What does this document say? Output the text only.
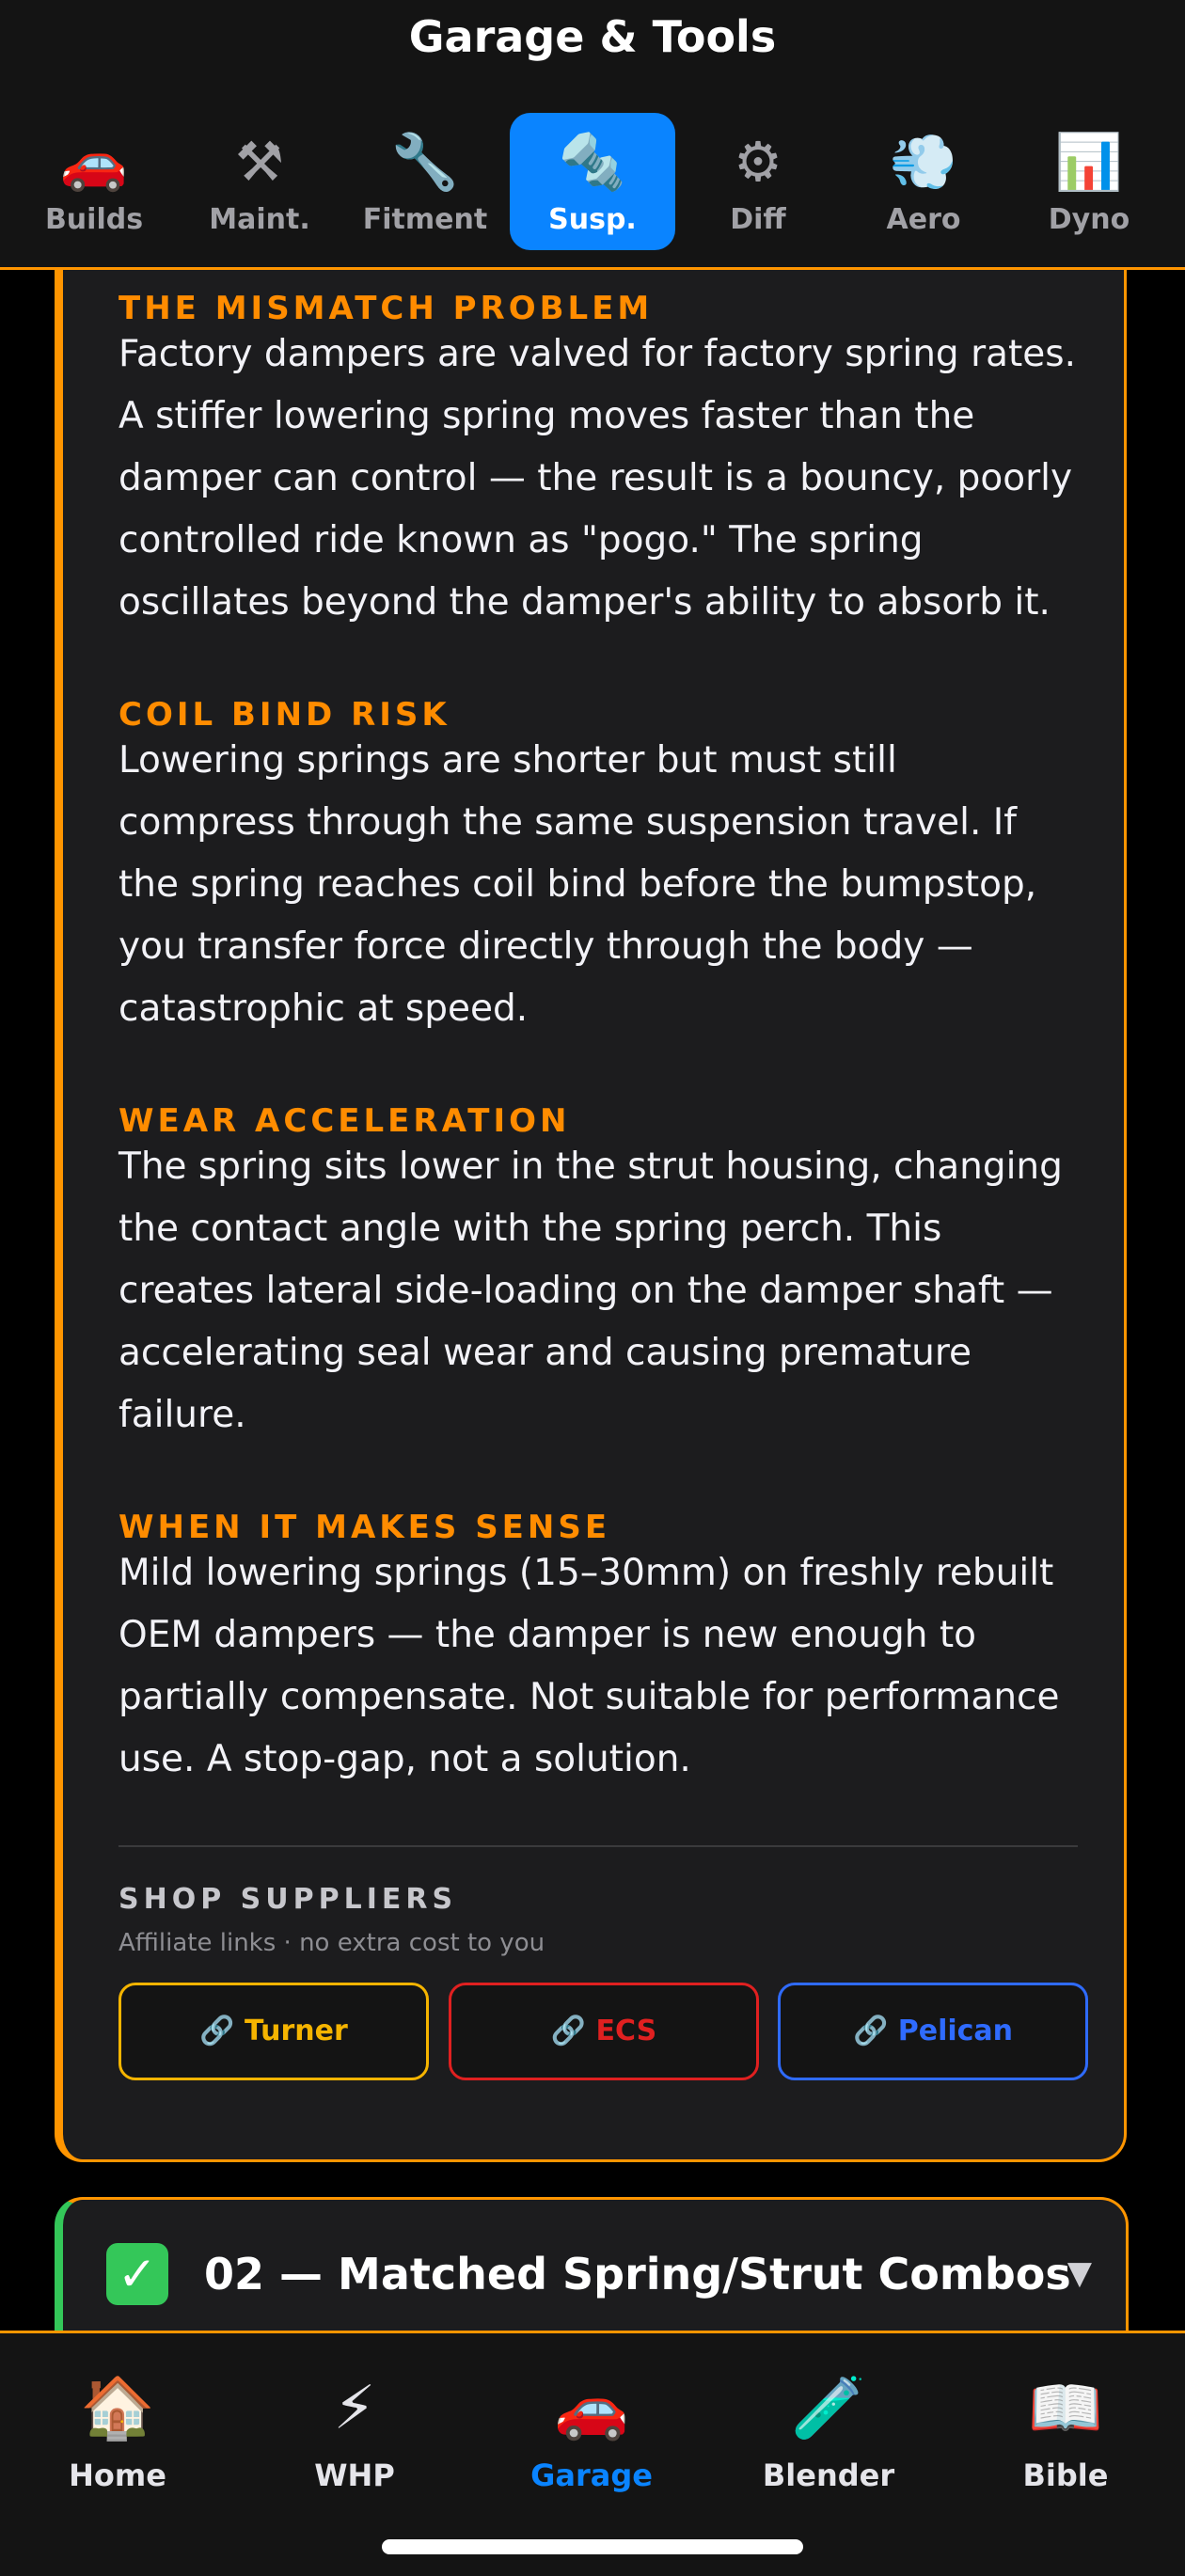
Garage & Tools
🚗
Builds
⚒
Maint.
🔧
Fitment
🔩
Susp.
⚙
Diff
💨
Aero
📊
Dyno
THE MISMATCH PROBLEM
Factory dampers are valved for factory spring rates. A stiffer lowering spring moves faster than the damper can control — the result is a bouncy, poorly controlled ride known as "pogo." The spring oscillates beyond the damper's ability to absorb it.
COIL BIND RISK
Lowering springs are shorter but must still compress through the same suspension travel. If the spring reaches coil bind before the bumpstop, you transfer force directly through the body — catastrophic at speed.
WEAR ACCELERATION
The spring sits lower in the strut housing, changing the contact angle with the spring perch. This creates lateral side-loading on the damper shaft — accelerating seal wear and causing premature failure.
WHEN IT MAKES SENSE
Mild lowering springs (15–30mm) on freshly rebuilt OEM dampers — the damper is new enough to partially compensate. Not suitable for performance use. A stop-gap, not a solution.
SHOP SUPPLIERS
Affiliate links · no extra cost to you
🔗 Turner	🔗 ECS	🔗 Pelican
✓ 02 — Matched Spring/Strut Combos
▼
🏠
Home
⚡
WHP
🚗
Garage
🧪
Blender
📖
Bible
